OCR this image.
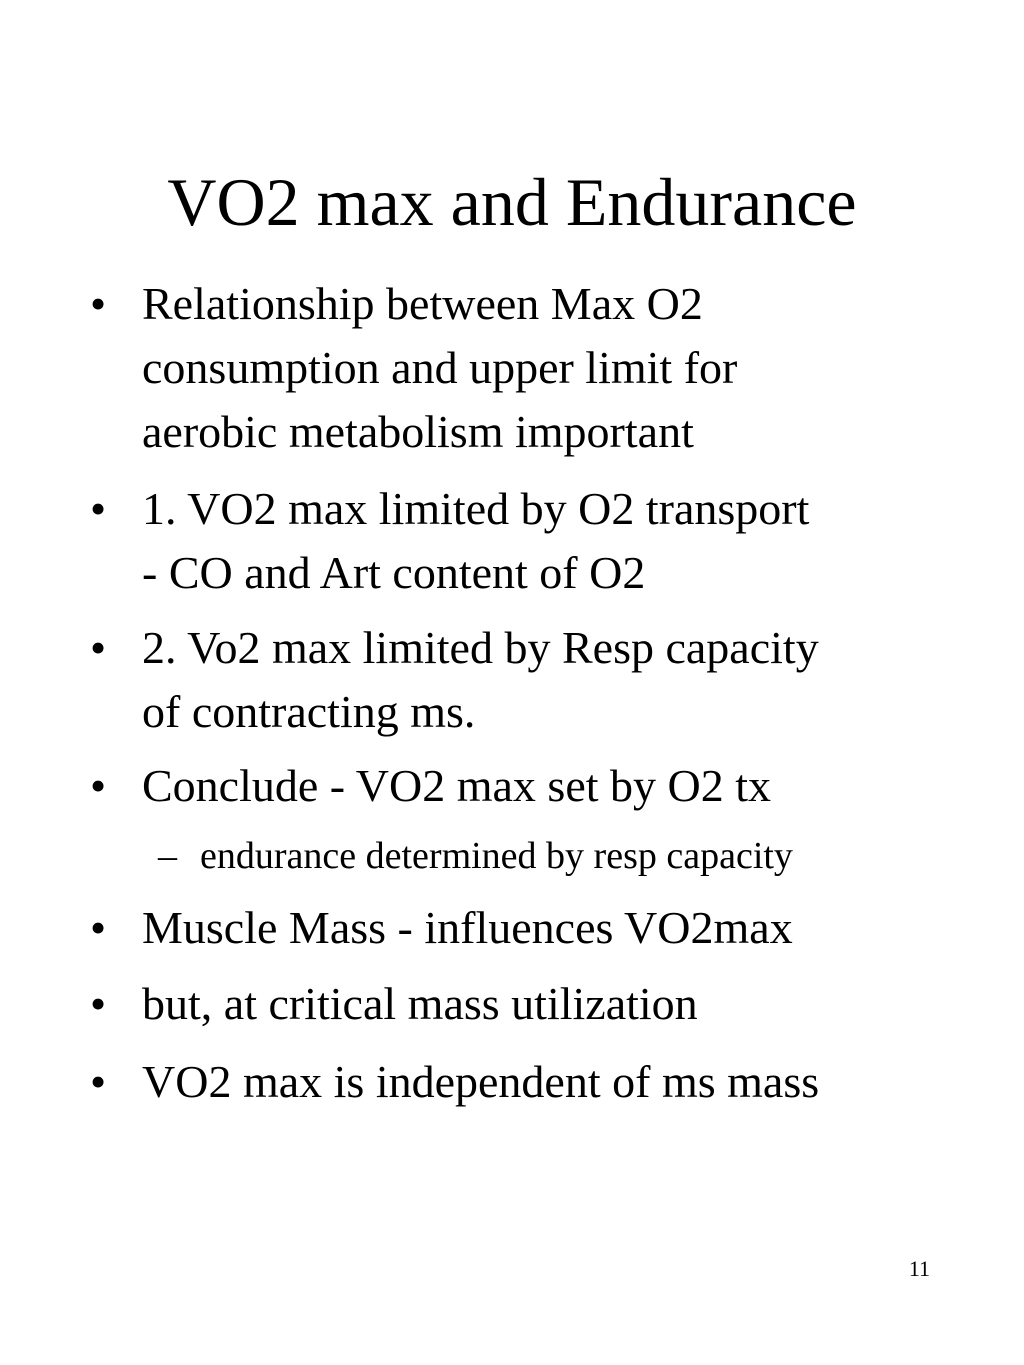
VO2 max and Endurance
• Relationship between Max O2
consumption and upper limit for
aerobic metabolism important
• 1. VO2 max limited by O2 transport
- CO and Art content of O2
• 2. Vo2 max limited by Resp capacity
of contracting ms.
• Conclude - VO2 max set by O2 tx
– endurance determined by resp capacity
• Muscle Mass - influences VO2max
• but, at critical mass utilization
• VO2 max is independent of ms mass
11
